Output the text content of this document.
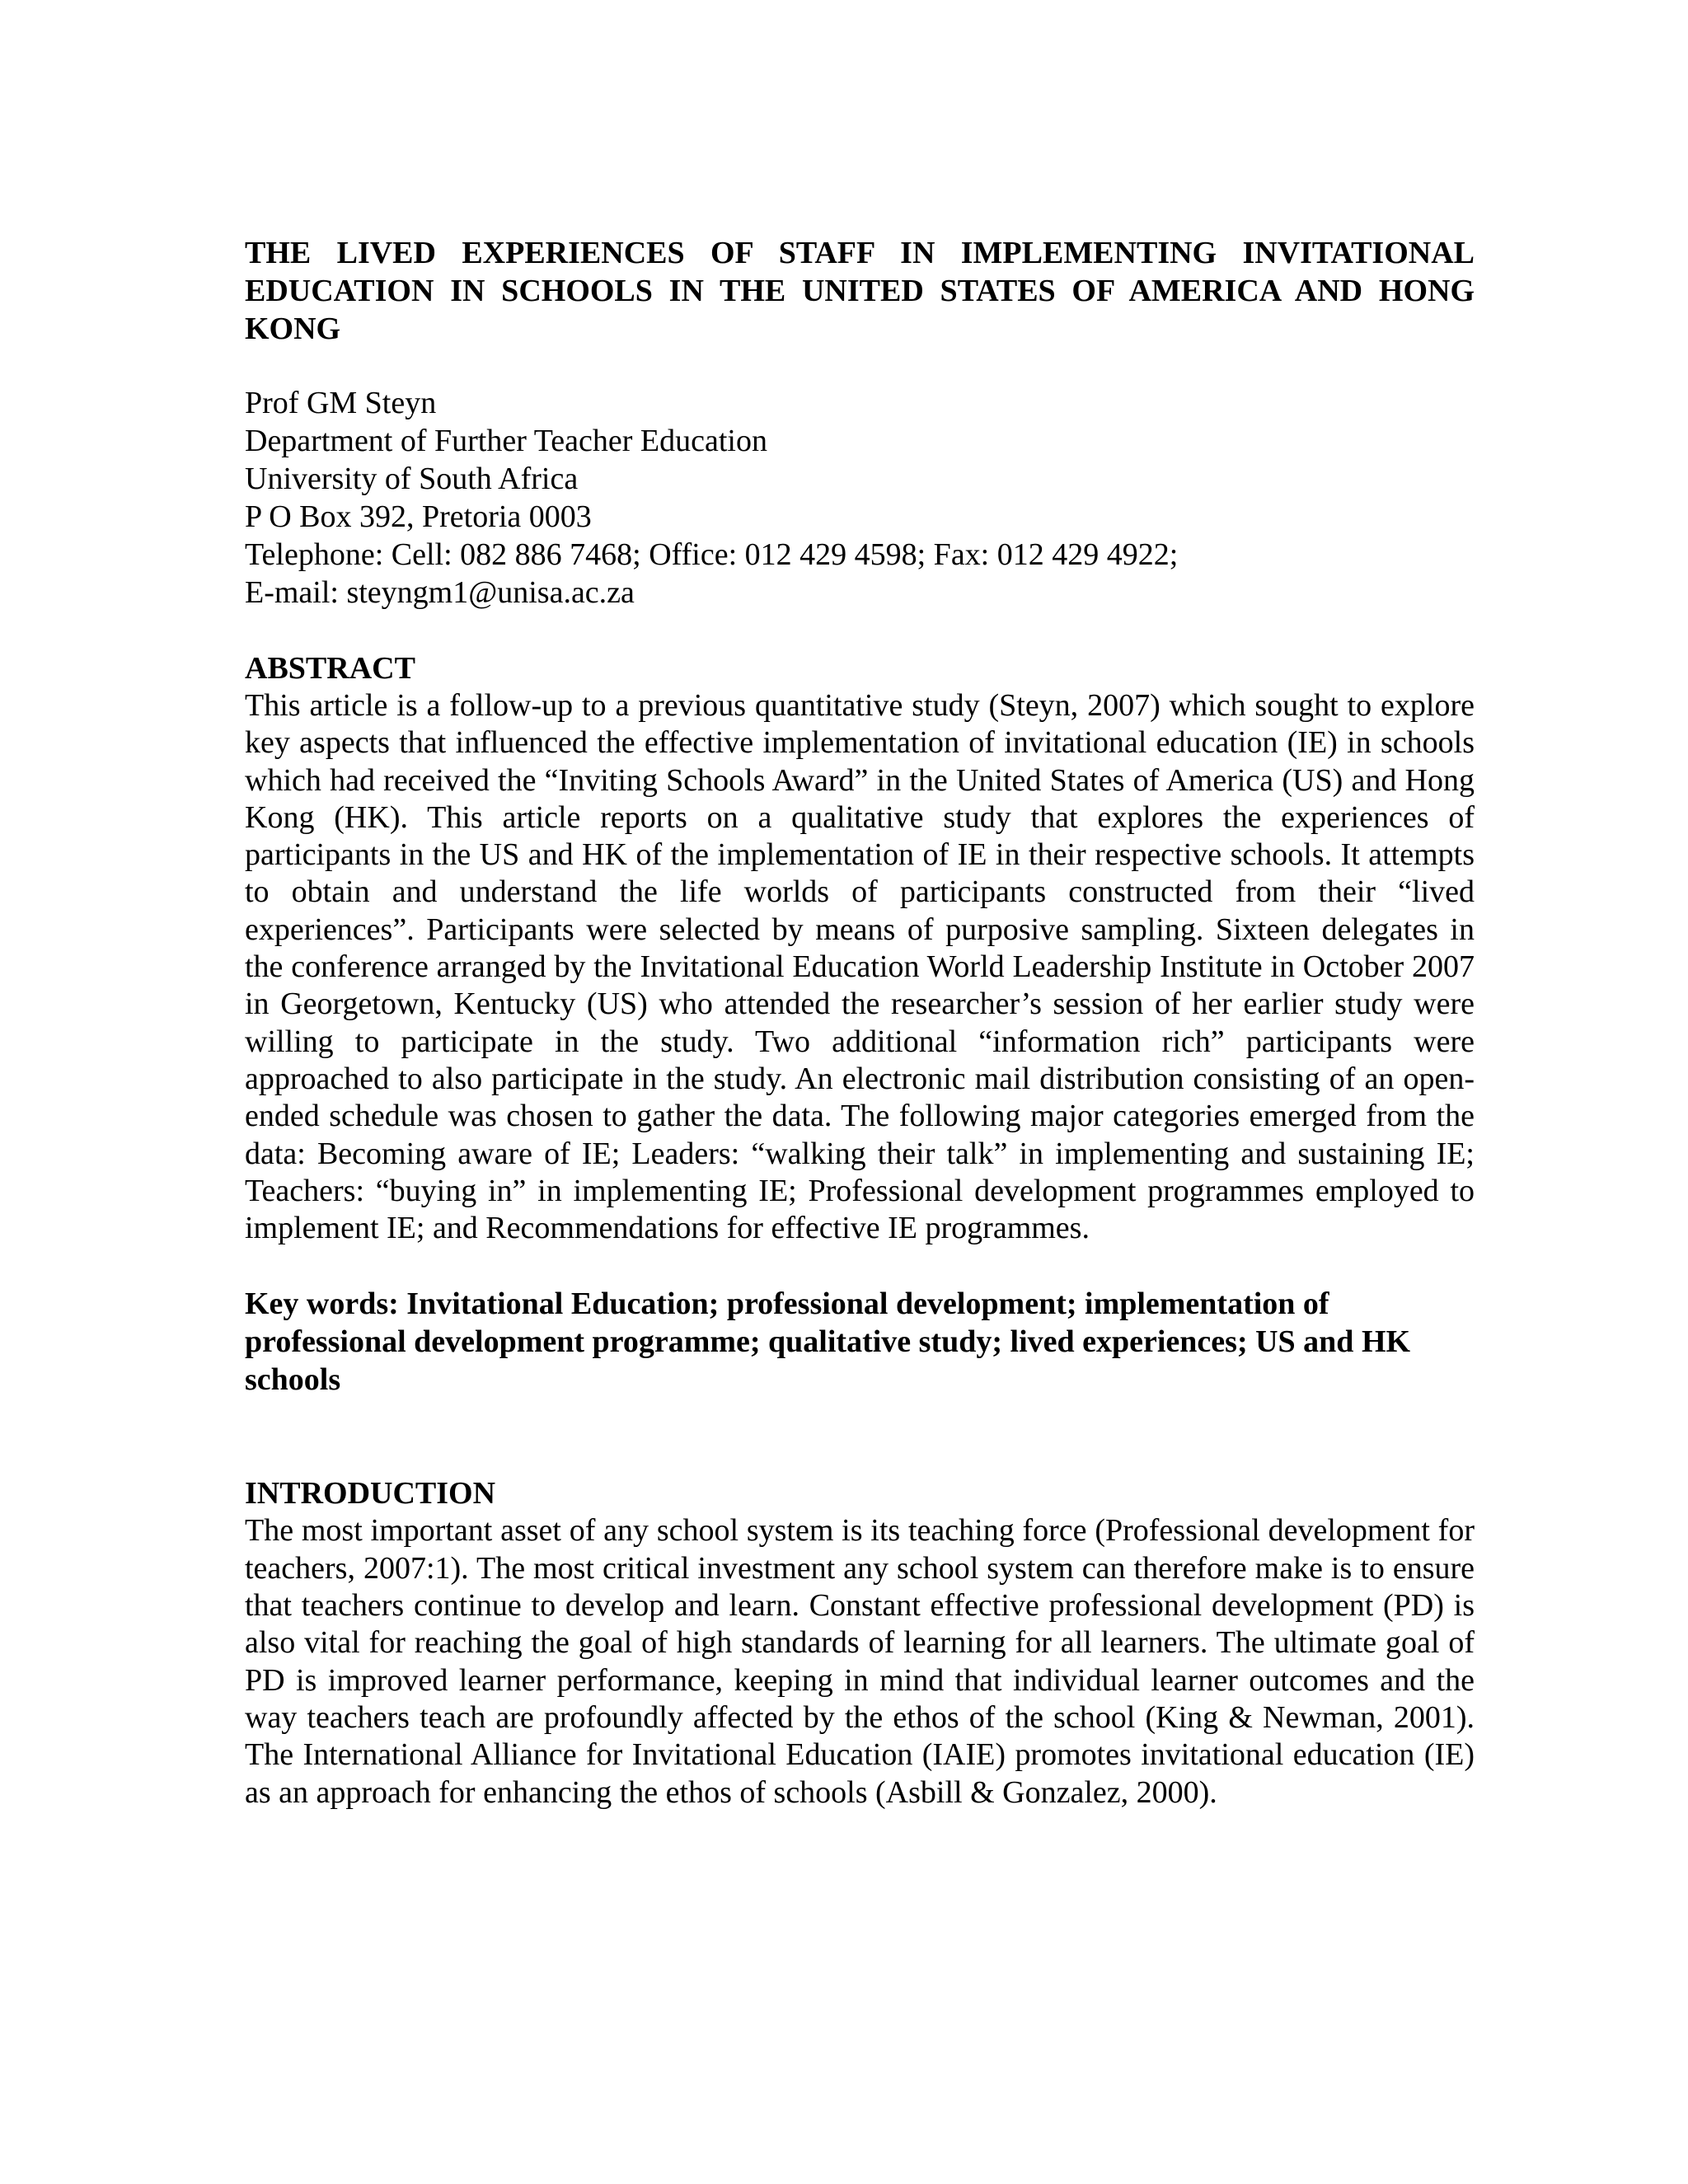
THE LIVED EXPERIENCES OF STAFF IN IMPLEMENTING INVITATIONAL EDUCATION IN SCHOOLS IN THE UNITED STATES OF AMERICA AND HONG KONG
Prof GM Steyn
Department of Further Teacher Education
University of South Africa
P O Box 392, Pretoria 0003
Telephone: Cell: 082 886 7468; Office: 012 429 4598; Fax: 012 429 4922;
E-mail: steyngm1@unisa.ac.za
ABSTRACT

This article is a follow-up to a previous quantitative study (Steyn, 2007) which sought to explore key aspects that influenced the effective implementation of invitational education (IE) in schools which had received the “Inviting Schools Award” in the United States of America (US) and Hong Kong (HK). This article reports on a qualitative study that explores the experiences of participants in the US and HK of the implementation of IE in their respective schools. It attempts to obtain and understand the life worlds of participants constructed from their “lived experiences”. Participants were selected by means of purposive sampling. Sixteen delegates in the conference arranged by the Invitational Education World Leadership Institute in October 2007 in Georgetown, Kentucky (US) who attended the researcher’s session of her earlier study were willing to participate in the study. Two additional “information rich” participants were approached to also participate in the study. An electronic mail distribution consisting of an open-ended schedule was chosen to gather the data. The following major categories emerged from the data: Becoming aware of IE; Leaders: “walking their talk” in implementing and sustaining IE; Teachers: “buying in” in implementing IE; Professional development programmes employed to implement IE; and Recommendations for effective IE programmes.

Key words: Invitational Education; professional development; implementation of professional development programme; qualitative study; lived experiences; US and HK schools

INTRODUCTION

The most important asset of any school system is its teaching force (Professional development for teachers, 2007:1). The most critical investment any school system can therefore make is to ensure that teachers continue to develop and learn. Constant effective professional development (PD) is also vital for reaching the goal of high standards of learning for all learners. The ultimate goal of PD is improved learner performance, keeping in mind that individual learner outcomes and the way teachers teach are profoundly affected by the ethos of the school (King & Newman, 2001). The International Alliance for Invitational Education (IAIE) promotes invitational education (IE) as an approach for enhancing the ethos of schools (Asbill & Gonzalez, 2000).
